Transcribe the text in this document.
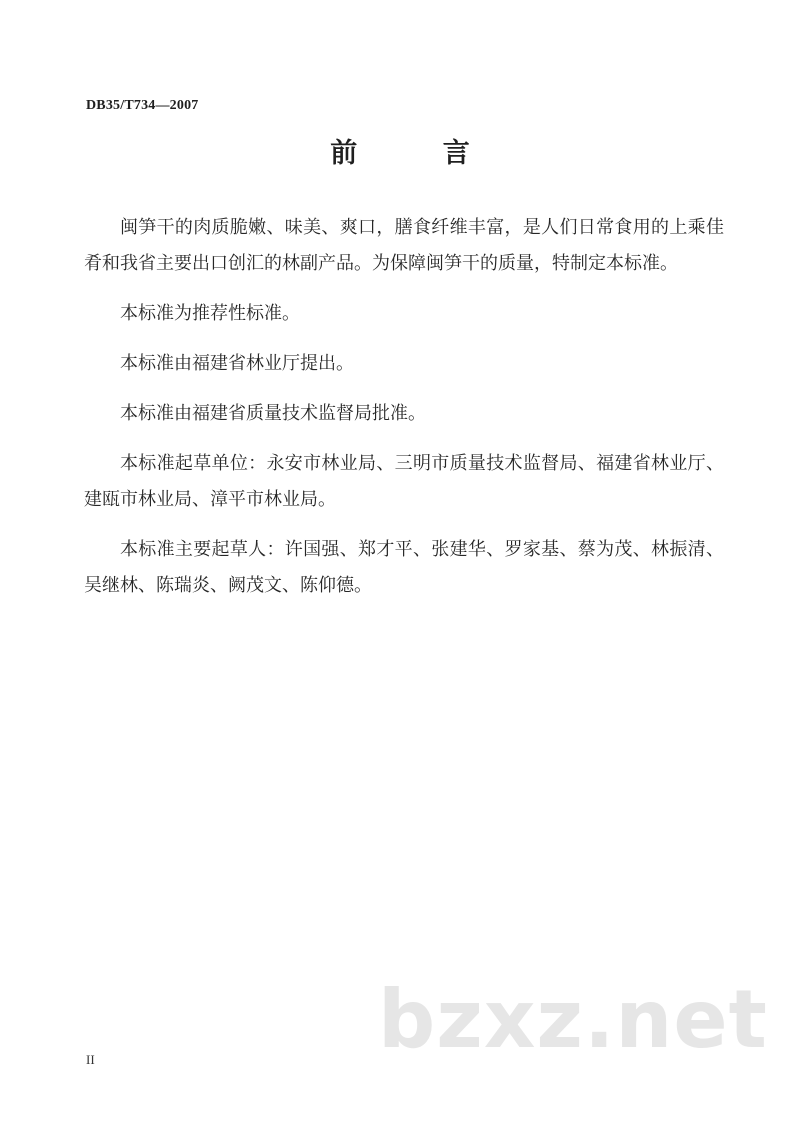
DB35/T734—2007
前 言

闽笋干的肉质脆嫩、味美、爽口，膳食纤维丰富，是人们日常食用的上乘佳肴和我省主要出口创汇的林副产品。为保障闽笋干的质量，特制定本标准。

本标准为推荐性标准。

本标准由福建省林业厅提出。

本标准由福建省质量技术监督局批准。

本标准起草单位：永安市林业局、三明市质量技术监督局、福建省林业厅、建瓯市林业局、漳平市林业局。

本标准主要起草人：许国强、郑才平、张建华、罗家基、蔡为茂、林振清、吴继林、陈瑞炎、阙茂文、陈仰德。

bzxz.net
II
